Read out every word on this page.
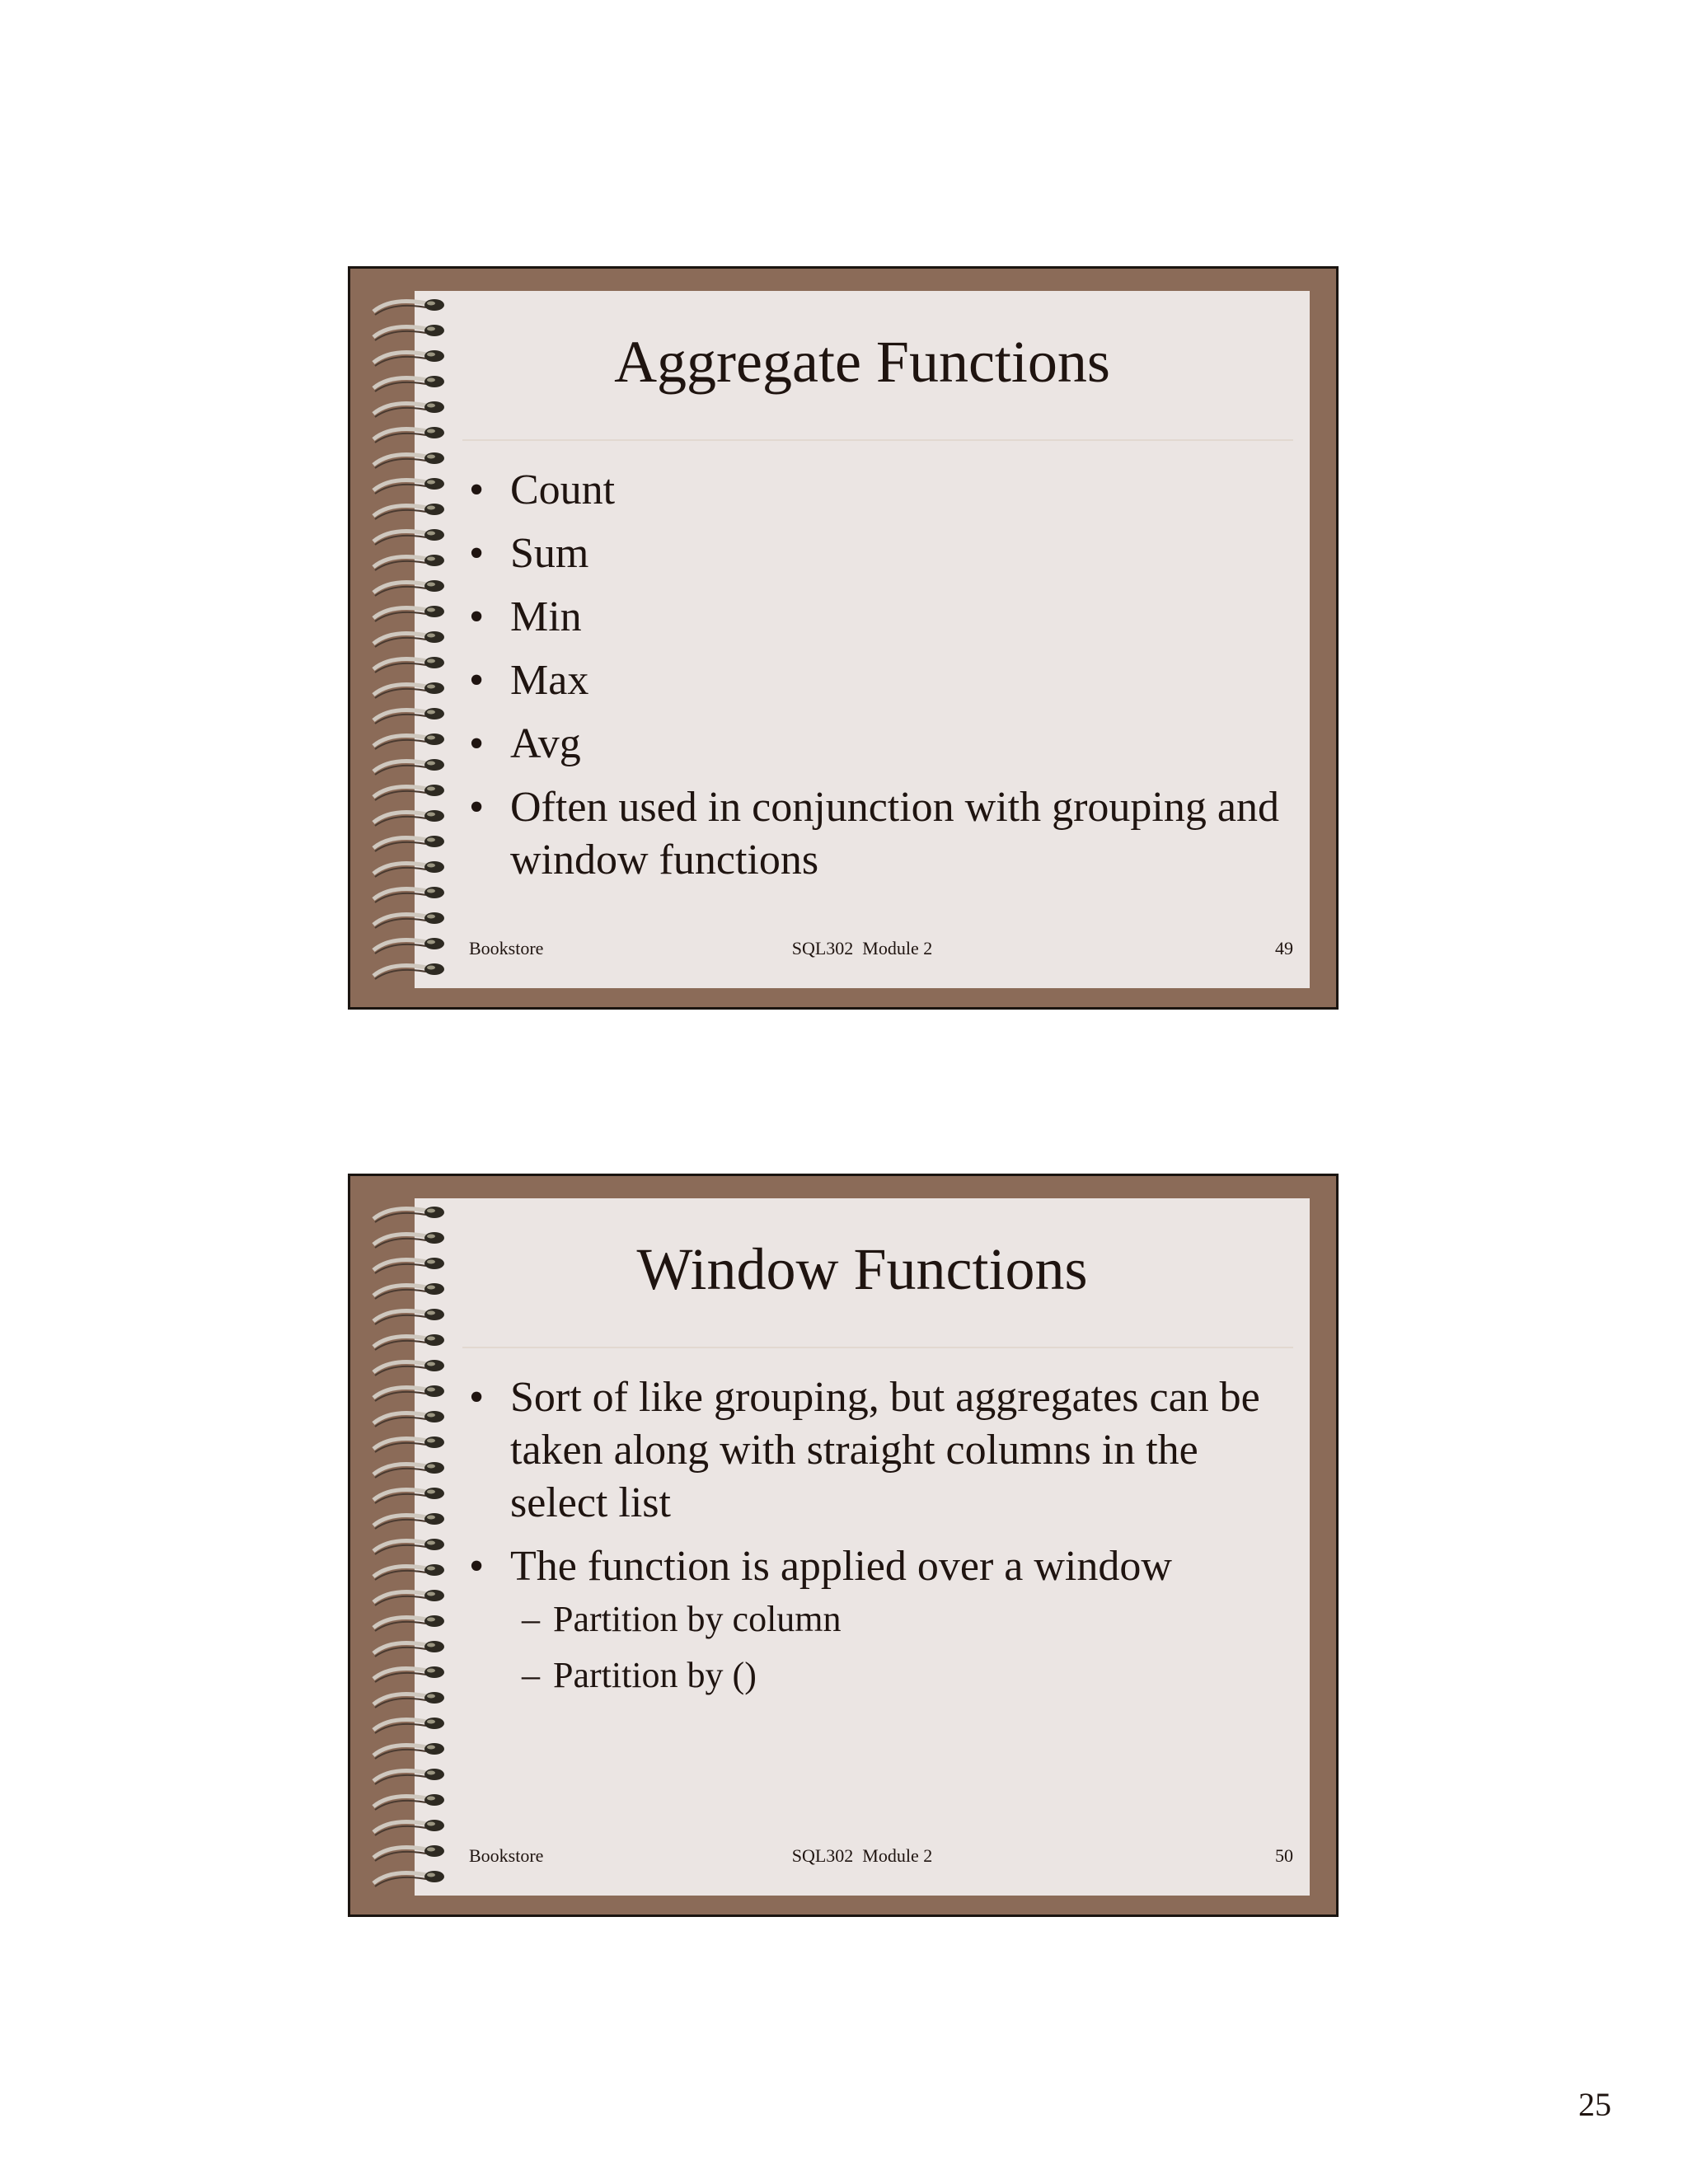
Aggregate Functions
• Count
• Sum
• Min
• Max
• Avg
• Often used in conjunction with grouping and window functions
Bookstore	SQL302  Module 2	49
Window Functions
• Sort of like grouping, but aggregates can be taken along with straight columns in the select list
• The function is applied over a window
– Partition by column
– Partition by ()
Bookstore	SQL302  Module 2	50
25
